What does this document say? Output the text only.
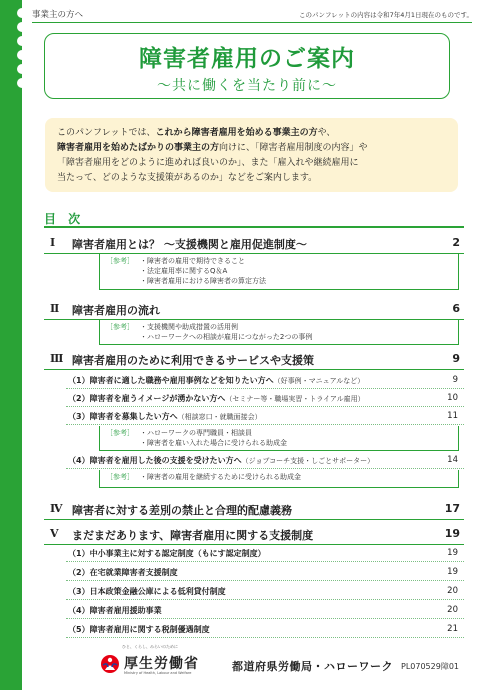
事業主の方へ	このパンフレットの内容は令和7年4月1日現在のものです。
障害者雇用のご案内
～共に働くを当たり前に～

このパンフレットでは、これから障害者雇用を始める事業主の方や、

障害者雇用を始めたばかりの事業主の方向けに、「障害者雇用制度の内容」や

「障害者雇用をどのように進めれば良いのか」、また「雇入れや継続雇用に

当たって、どのような支援策があるのか」などをご案内します。

目 次
Ⅰ 障害者雇用とは？ ～支援機関と雇用促進制度～	2
［参考］ ・障害者の雇用で期待できること
・法定雇用率に関するQ＆A
・障害者雇用における障害者の算定方法
Ⅱ 障害者雇用の流れ	6
［参考］ ・支援機関や助成措置の活用例
・ハローワークへの相談が雇用につながった2つの事例
Ⅲ 障害者雇用のために利用できるサービスや支援策	9
（1）障害者に適した職務や雇用事例などを知りたい方へ（好事例・マニュアルなど）	9
（2）障害者を雇うイメージが湧かない方へ（セミナー等・職場実習・トライアル雇用）	10
（3）障害者を募集したい方へ（相談窓口・就職面接会）	11
［参考］ ・ハローワークの専門職員・相談員
・障害者を雇い入れた場合に受けられる助成金
（4）障害者を雇用した後の支援を受けたい方へ（ジョブコーチ支援・しごとサポーター）	14
［参考］ ・障害者の雇用を継続するために受けられる助成金
Ⅳ 障害者に対する差別の禁止と合理的配慮義務	17
Ⅴ まだまだあります、障害者雇用に関する支援制度	19
（1）中小事業主に対する認定制度（もにす認定制度）	19
（2）在宅就業障害者支援制度	19
（3）日本政策金融公庫による低利貸付制度	20
（4）障害者雇用援助事業	20
（5）障害者雇用に関する税制優遇制度	21
ひと、くらし、みらいのために
厚生労働省
Ministry of Health, Labour and Welfare	都道府県労働局・ハローワーク PL070529障01
